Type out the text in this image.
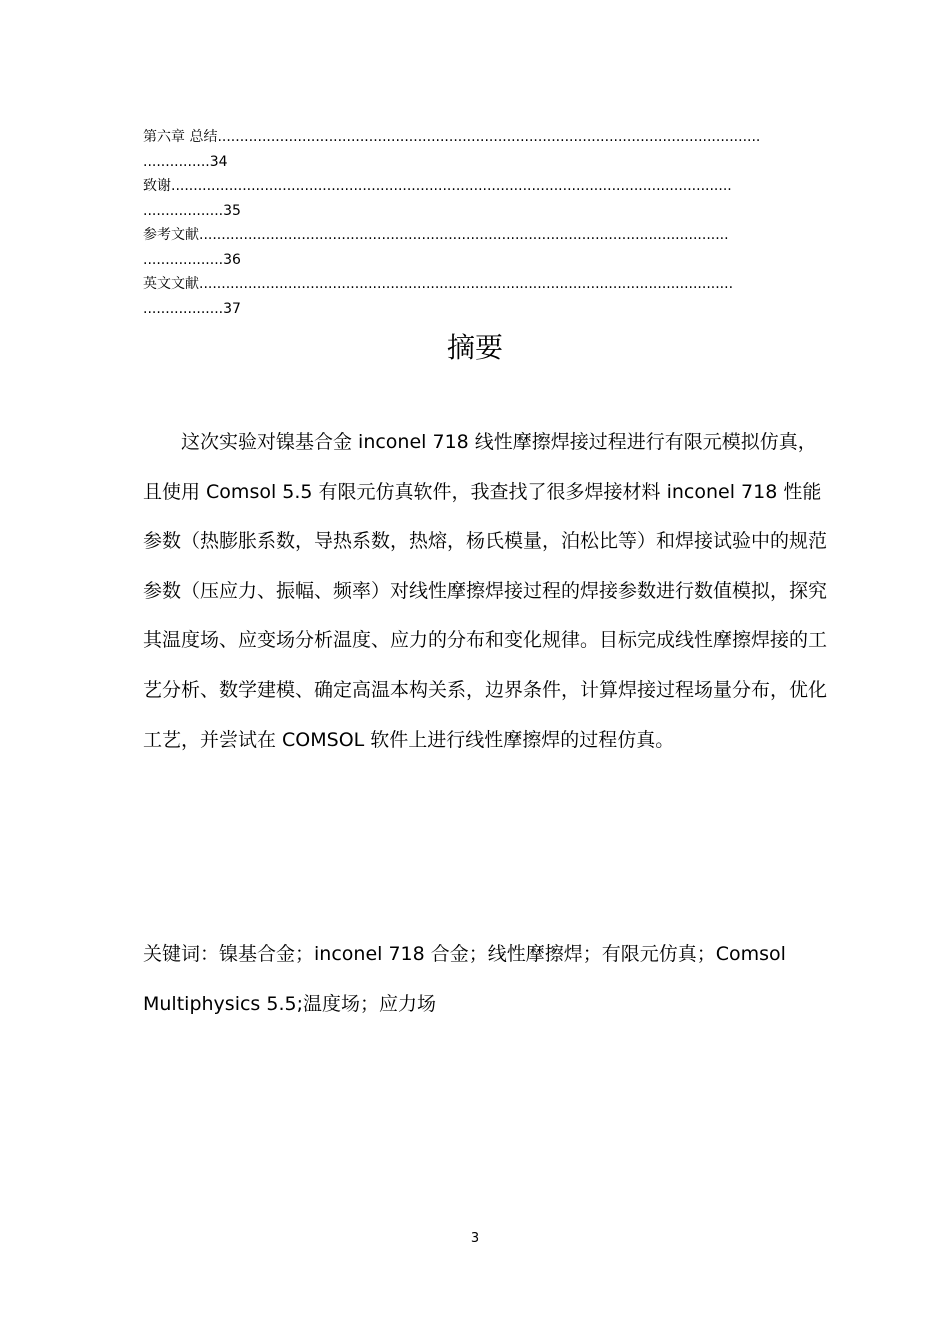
第六章 总结..........................................................................................................................
...............34
致谢..............................................................................................................................
..................35
参考文献.......................................................................................................................
..................36
英文文献........................................................................................................................
..................37
摘要

这次实验对镍基合金 inconel 718 线性摩擦焊接过程进行有限元模拟仿真，且使用 Comsol 5.5 有限元仿真软件，我查找了很多焊接材料 inconel 718 性能参数（热膨胀系数，导热系数，热熔，杨氏模量，泊松比等）和焊接试验中的规范参数（压应力、振幅、频率）对线性摩擦焊接过程的焊接参数进行数值模拟，探究其温度场、应变场分析温度、应力的分布和变化规律。目标完成线性摩擦焊接的工艺分析、数学建模、确定高温本构关系，边界条件，计算焊接过程场量分布，优化工艺，并尝试在 COMSOL 软件上进行线性摩擦焊的过程仿真。

关键词：镍基合金；inconel 718 合金；线性摩擦焊；有限元仿真；Comsol Multiphysics 5.5;温度场；应力场
3
